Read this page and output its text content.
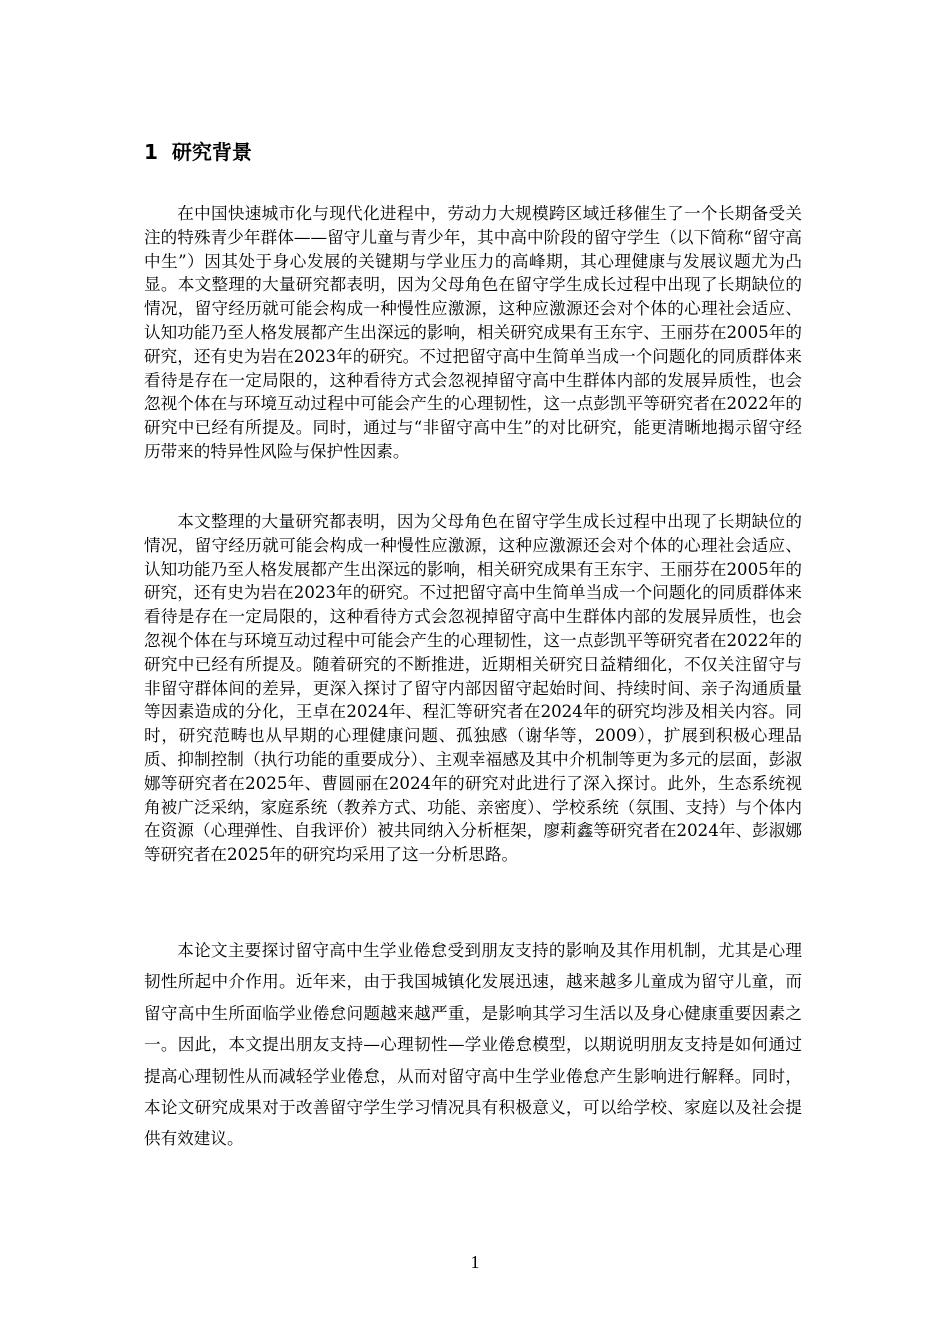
1 研究背景

在中国快速城市化与现代化进程中，劳动力大规模跨区域迁移催生了一个长期备受关注的特殊青少年群体——留守儿童与青少年，其中高中阶段的留守学生（以下简称“留守高中生”）因其处于身心发展的关键期与学业压力的高峰期，其心理健康与发展议题尤为凸显。本文整理的大量研究都表明，因为父母角色在留守学生成长过程中出现了长期缺位的情况，留守经历就可能会构成一种慢性应激源，这种应激源还会对个体的心理社会适应、认知功能乃至人格发展都产生出深远的影响，相关研究成果有王东宇、王丽芬在2005年的研究，还有史为岩在2023年的研究。不过把留守高中生简单当成一个问题化的同质群体来看待是存在一定局限的，这种看待方式会忽视掉留守高中生群体内部的发展异质性，也会忽视个体在与环境互动过程中可能会产生的心理韧性，这一点彭凯平等研究者在2022年的研究中已经有所提及。同时，通过与“非留守高中生”的对比研究，能更清晰地揭示留守经历带来的特异性风险与保护性因素。

本文整理的大量研究都表明，因为父母角色在留守学生成长过程中出现了长期缺位的情况，留守经历就可能会构成一种慢性应激源，这种应激源还会对个体的心理社会适应、认知功能乃至人格发展都产生出深远的影响，相关研究成果有王东宇、王丽芬在2005年的研究，还有史为岩在2023年的研究。不过把留守高中生简单当成一个问题化的同质群体来看待是存在一定局限的，这种看待方式会忽视掉留守高中生群体内部的发展异质性，也会忽视个体在与环境互动过程中可能会产生的心理韧性，这一点彭凯平等研究者在2022年的研究中已经有所提及。随着研究的不断推进，近期相关研究日益精细化，不仅关注留守与非留守群体间的差异，更深入探讨了留守内部因留守起始时间、持续时间、亲子沟通质量等因素造成的分化，王卓在2024年、程汇等研究者在2024年的研究均涉及相关内容。同时，研究范畴也从早期的心理健康问题、孤独感（谢华等，2009），扩展到积极心理品质、抑制控制（执行功能的重要成分）、主观幸福感及其中介机制等更为多元的层面，彭淑娜等研究者在2025年、曹圆丽在2024年的研究对此进行了深入探讨。此外，生态系统视角被广泛采纳，家庭系统（教养方式、功能、亲密度）、学校系统（氛围、支持）与个体内在资源（心理弹性、自我评价）被共同纳入分析框架，廖莉鑫等研究者在2024年、彭淑娜等研究者在2025年的研究均采用了这一分析思路。

本论文主要探讨留守高中生学业倦怠受到朋友支持的影响及其作用机制，尤其是心理韧性所起中介作用。近年来，由于我国城镇化发展迅速，越来越多儿童成为留守儿童，而留守高中生所面临学业倦怠问题越来越严重，是影响其学习生活以及身心健康重要因素之一。因此，本文提出朋友支持—心理韧性—学业倦怠模型，以期说明朋友支持是如何通过提高心理韧性从而减轻学业倦怠，从而对留守高中生学业倦怠产生影响进行解释。同时，本论文研究成果对于改善留守学生学习情况具有积极意义，可以给学校、家庭以及社会提供有效建议。

1
